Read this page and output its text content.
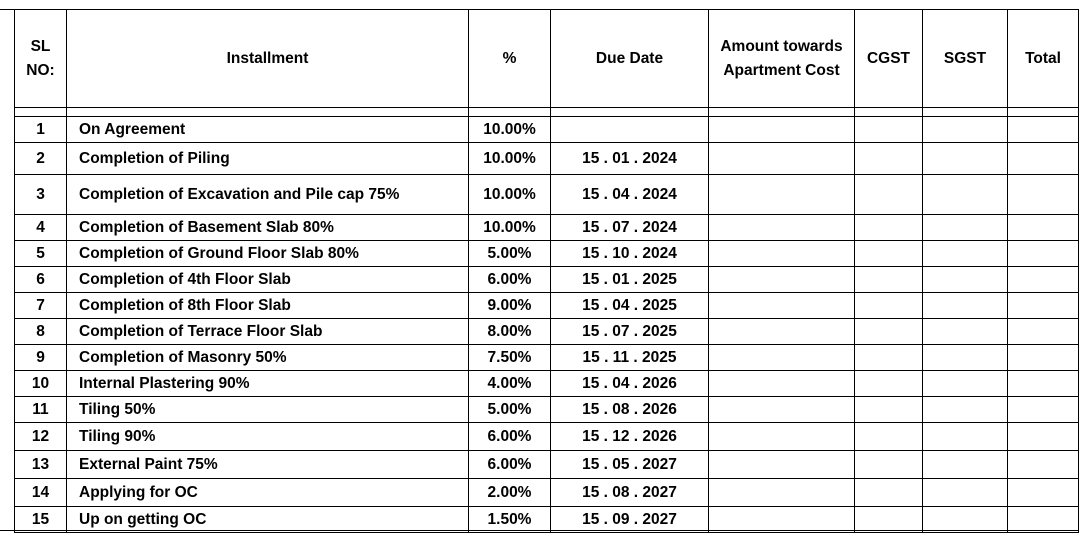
SL NO:	Installment	%	Due Date	Amount towards Apartment Cost	CGST	SGST	Total

1	On Agreement	10.00%					
2	Completion of Piling	10.00%	15 . 01 . 2024				
3	Completion of Excavation and Pile cap 75%	10.00%	15 . 04 . 2024				
4	Completion of Basement Slab 80%	10.00%	15 . 07 . 2024				
5	Completion of Ground Floor Slab 80%	5.00%	15 . 10 . 2024				
6	Completion of 4th Floor Slab	6.00%	15 . 01 . 2025				
7	Completion of 8th Floor Slab	9.00%	15 . 04 . 2025				
8	Completion of Terrace Floor Slab	8.00%	15 . 07 . 2025				
9	Completion of Masonry 50%	7.50%	15 . 11 . 2025				
10	Internal Plastering 90%	4.00%	15 . 04 . 2026				
11	Tiling 50%	5.00%	15 . 08 . 2026				
12	Tiling 90%	6.00%	15 . 12 . 2026				
13	External Paint 75%	6.00%	15 . 05 . 2027				
14	Applying for OC	2.00%	15 . 08 . 2027				
15	Up on getting OC	1.50%	15 . 09 . 2027				
